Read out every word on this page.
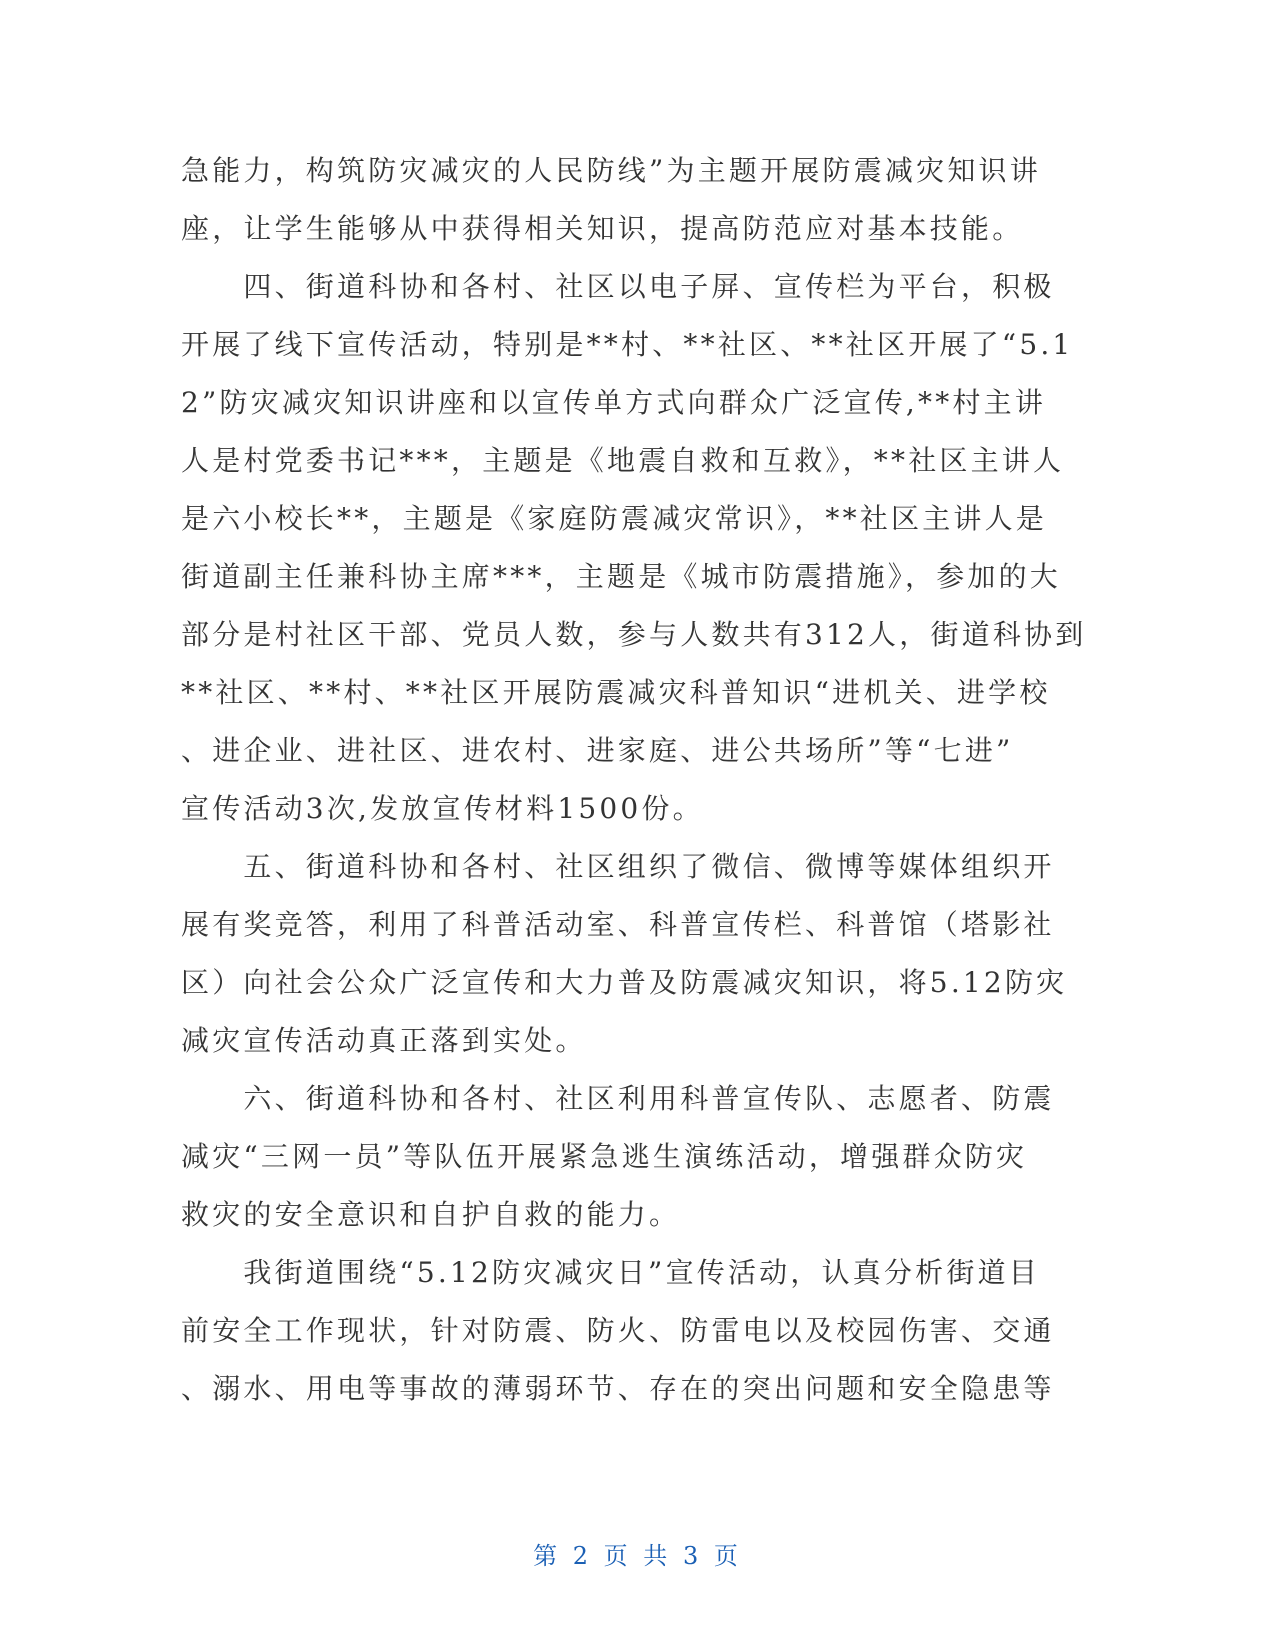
急能力，构筑防灾减灾的人民防线”为主题开展防震减灾知识讲
座，让学生能够从中获得相关知识，提高防范应对基本技能。
　　四、街道科协和各村、社区以电子屏、宣传栏为平台，积极
开展了线下宣传活动，特别是**村、**社区、**社区开展了“5.1
2”防灾减灾知识讲座和以宣传单方式向群众广泛宣传,**村主讲
人是村党委书记***，主题是《地震自救和互救》，**社区主讲人
是六小校长**，主题是《家庭防震减灾常识》，**社区主讲人是
街道副主任兼科协主席***，主题是《城市防震措施》，参加的大
部分是村社区干部、党员人数，参与人数共有312人，街道科协到
**社区、**村、**社区开展防震减灾科普知识“进机关、进学校
、进企业、进社区、进农村、进家庭、进公共场所”等“七进”
宣传活动3次,发放宣传材料1500份。
　　五、街道科协和各村、社区组织了微信、微博等媒体组织开
展有奖竞答，利用了科普活动室、科普宣传栏、科普馆（塔影社
区）向社会公众广泛宣传和大力普及防震减灾知识，将5.12防灾
减灾宣传活动真正落到实处。
　　六、街道科协和各村、社区利用科普宣传队、志愿者、防震
减灾“三网一员”等队伍开展紧急逃生演练活动，增强群众防灾
救灾的安全意识和自护自救的能力。
　　我街道围绕“5.12防灾减灾日”宣传活动，认真分析街道目
前安全工作现状，针对防震、防火、防雷电以及校园伤害、交通
、溺水、用电等事故的薄弱环节、存在的突出问题和安全隐患等
第 2 页 共 3 页
